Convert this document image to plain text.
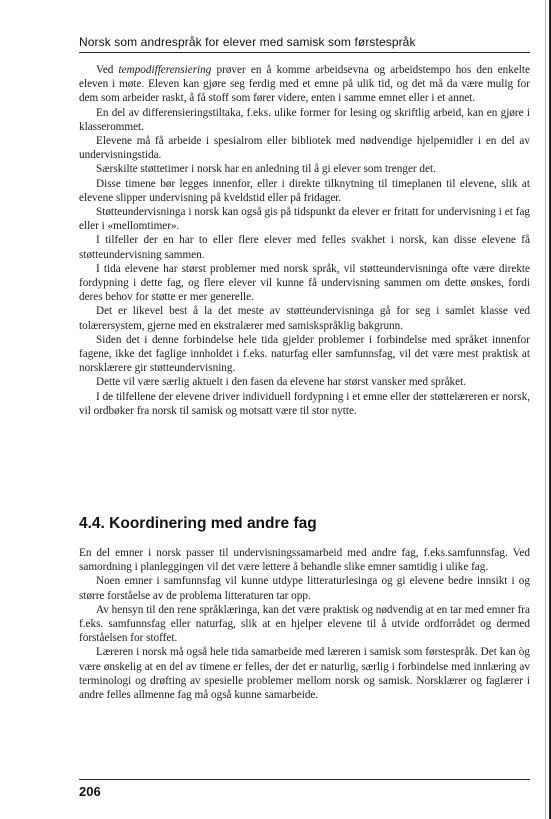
Norsk som andrespråk for elever med samisk som førstespråk

Ved tempodifferensiering prøver en å komme arbeidsevna og arbeidstempo hos den enkelte eleven i møte. Eleven kan gjøre seg ferdig med et emne på ulik tid, og det må da være mulig for dem som arbeider raskt, å få stoff som fører videre, enten i samme emnet eller i et annet.

En del av differensieringstiltaka, f.eks. ulike former for lesing og skriftlig arbeid, kan en gjøre i klasserommet.

Elevene må få arbeide i spesialrom eller bibliotek med nødvendige hjelpemidler i en del av undervisningstida.

Særskilte støttetimer i norsk har en anledning til å gi elever som trenger det.

Disse timene bør legges innenfor, eller i direkte tilknytning til timeplanen til elevene, slik at elevene slipper undervisning på kveldstid eller på fridager.

Støtteundervisninga i norsk kan også gis på tidspunkt da elever er fritatt for undervisning i et fag eller i «mellomtimer».

I tilfeller der en har to eller flere elever med felles svakhet i norsk, kan disse elevene få støtteundervisning sammen.

I tida elevene har størst problemer med norsk språk, vil støtteundervisninga ofte være direkte fordypning i dette fag, og flere elever vil kunne få undervisning sammen om dette ønskes, fordi deres behov for støtte er mer generelle.

Det er likevel best å la det meste av støtteundervisninga gå for seg i samlet klasse ved tolærersystem, gjerne med en ekstralærer med samiskspråklig bakgrunn.

Siden det i denne forbindelse hele tida gjelder problemer i forbindelse med språket innenfor fagene, ikke det faglige innholdet i f.eks. naturfag eller samfunnsfag, vil det være mest praktisk at norsklærere gir støtteundervisning.

Dette vil være særlig aktuelt i den fasen da elevene har størst vansker med språket.

I de tilfellene der elevene driver individuell fordypning i et emne eller der støttelæreren er norsk, vil ordbøker fra norsk til samisk og motsatt være til stor nytte.

4.4. Koordinering med andre fag

En del emner i norsk passer til undervisningssamarbeid med andre fag, f.eks.samfunnsfag. Ved samordning i planleggingen vil det være lettere å behandle slike emner samtidig i ulike fag.

Noen emner i samfunnsfag vil kunne utdype litteraturlesinga og gi elevene bedre innsikt i og større forståelse av de problema litteraturen tar opp.

Av hensyn til den rene språklæringa, kan det være praktisk og nødvendig at en tar med emner fra f.eks. samfunnsfag eller naturfag, slik at en hjelper elevene til å utvide ordforrådet og dermed forståelsen for stoffet.

Læreren i norsk må også hele tida samarbeide med læreren i samisk som førstespråk. Det kan òg være ønskelig at en del av timene er felles, der det er naturlig, særlig i forbindelse med innlæring av terminologi og drøfting av spesielle problemer mellom norsk og samisk. Norsklærer og faglærer i andre felles allmenne fag må også kunne samarbeide.

206
